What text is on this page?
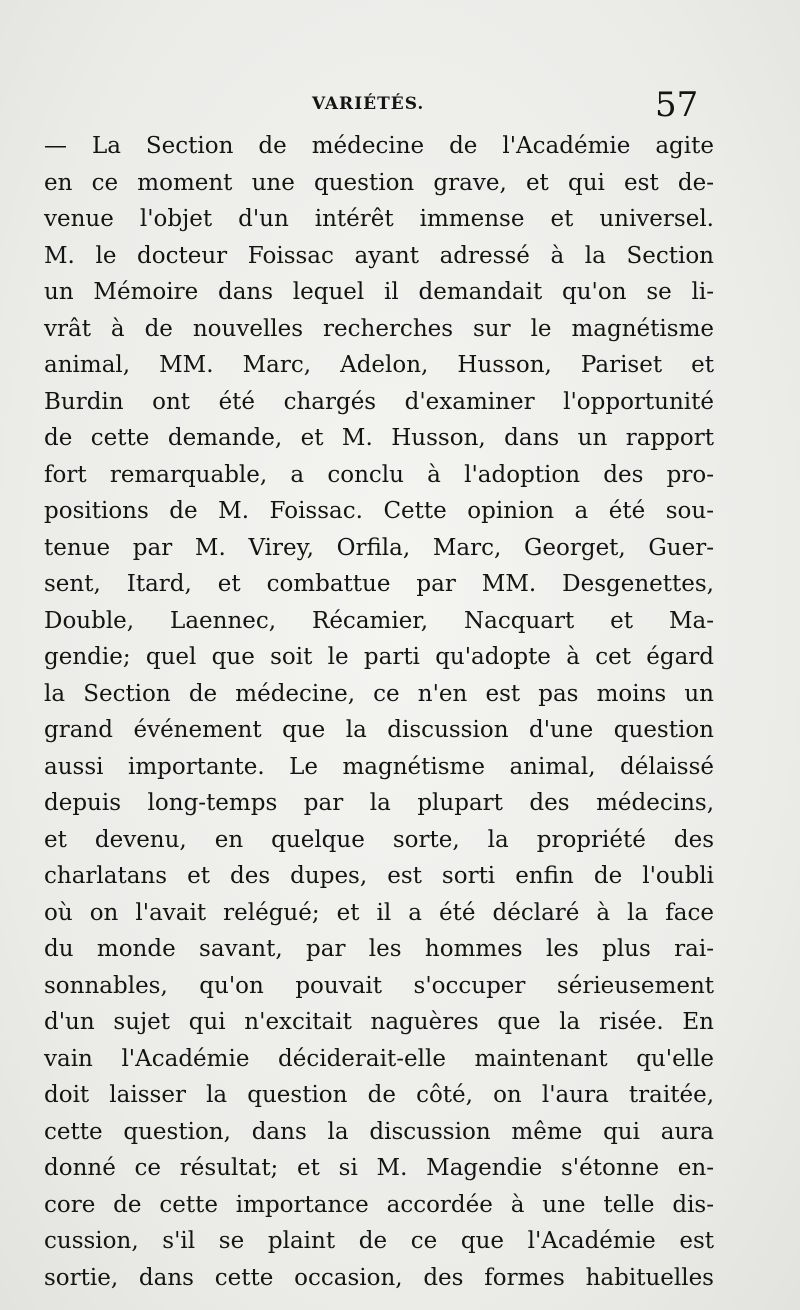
VARIÉTÉS.	57
— La Section de médecine de l'Académie agite
en ce moment une question grave, et qui est de-
venue l'objet d'un intérêt immense et universel.
M. le docteur Foissac ayant adressé à la Section
un Mémoire dans lequel il demandait qu'on se li-
vrât à de nouvelles recherches sur le magnétisme
animal, MM. Marc, Adelon, Husson, Pariset et
Burdin ont été chargés d'examiner l'opportunité
de cette demande, et M. Husson, dans un rapport
fort remarquable, a conclu à l'adoption des pro-
positions de M. Foissac. Cette opinion a été sou-
tenue par M. Virey, Orfila, Marc, Georget, Guer-
sent, Itard, et combattue par MM. Desgenettes,
Double, Laennec, Récamier, Nacquart et Ma-
gendie; quel que soit le parti qu'adopte à cet égard
la Section de médecine, ce n'en est pas moins un
grand événement que la discussion d'une question
aussi importante. Le magnétisme animal, délaissé
depuis long-temps par la plupart des médecins,
et devenu, en quelque sorte, la propriété des
charlatans et des dupes, est sorti enfin de l'oubli
où on l'avait relégué; et il a été déclaré à la face
du monde savant, par les hommes les plus rai-
sonnables, qu'on pouvait s'occuper sérieusement
d'un sujet qui n'excitait naguères que la risée. En
vain l'Académie déciderait-elle maintenant qu'elle
doit laisser la question de côté, on l'aura traitée,
cette question, dans la discussion même qui aura
donné ce résultat; et si M. Magendie s'étonne en-
core de cette importance accordée à une telle dis-
cussion, s'il se plaint de ce que l'Académie est
sortie, dans cette occasion, des formes habituelles
